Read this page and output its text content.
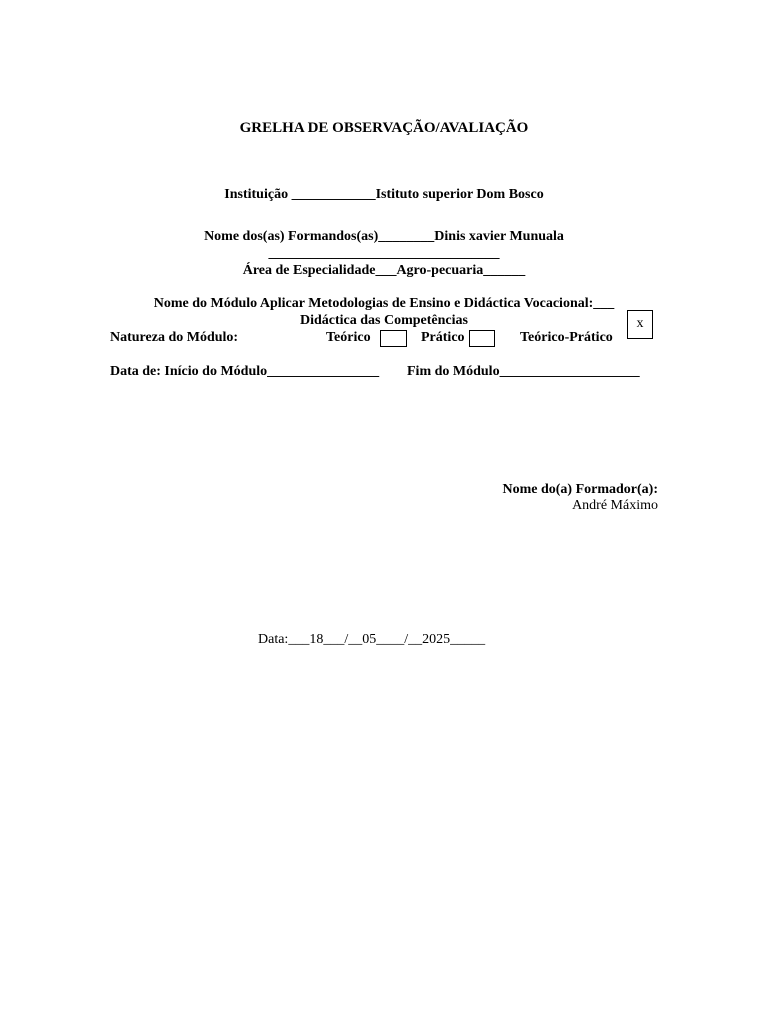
GRELHA DE OBSERVAÇÃO/AVALIAÇÃO
Instituição ____________Istituto superior Dom Bosco
Nome dos(as) Formandos(as)________Dinis xavier Munuala
_________________________________
Área de Especialidade___Agro-pecuaria______
Nome do Módulo Aplicar Metodologias de Ensino e Didáctica Vocacional:___
Didáctica das Competências
Natureza do Módulo:	Teórico	Prático	Teórico-Prático
x
Data de: Início do Módulo________________ Fim do Módulo____________________
Nome do(a) Formador(a):
André Máximo
Data:___18___/__05____/__2025_____
